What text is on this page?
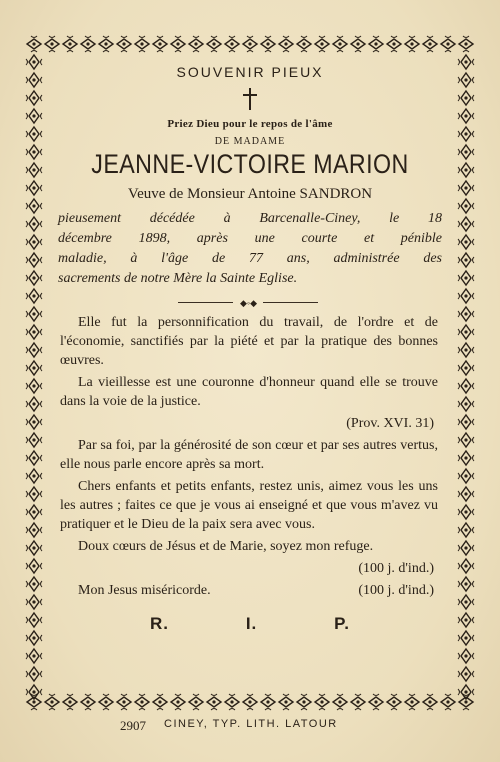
SOUVENIR PIEUX
Priez Dieu pour le repos de l'âme
DE MADAME
JEANNE-VICTOIRE MARION
Veuve de Monsieur Antoine SANDRON
pieusement décédée à Barcenalle-Ciney, le 18
décembre 1898, après une courte et pénible
maladie, à l'âge de 77 ans, administrée des
sacrements de notre Mère la Sainte Eglise.
◆◦◆

Elle fut la personnification du travail, de l'ordre et de l'économie, sanctifiés par la piété et par la pratique des bonnes œuvres.

La vieillesse est une couronne d'honneur quand elle se trouve dans la voie de la justice.

(Prov. XVI. 31)

Par sa foi, par la générosité de son cœur et par ses autres vertus, elle nous parle encore après sa mort.

Chers enfants et petits enfants, restez unis, aimez vous les uns les autres ; faites ce que je vous ai enseigné et que vous m'avez vu pratiquer et le Dieu de la paix sera avec vous.

Doux cœurs de Jésus et de Marie, soyez mon refuge.

(100 j. d'ind.)

Mon Jesus miséricorde.	(100 j. d'ind.)
R.	I.	P.
2907 CINEY, TYP. LITH. LATOUR
